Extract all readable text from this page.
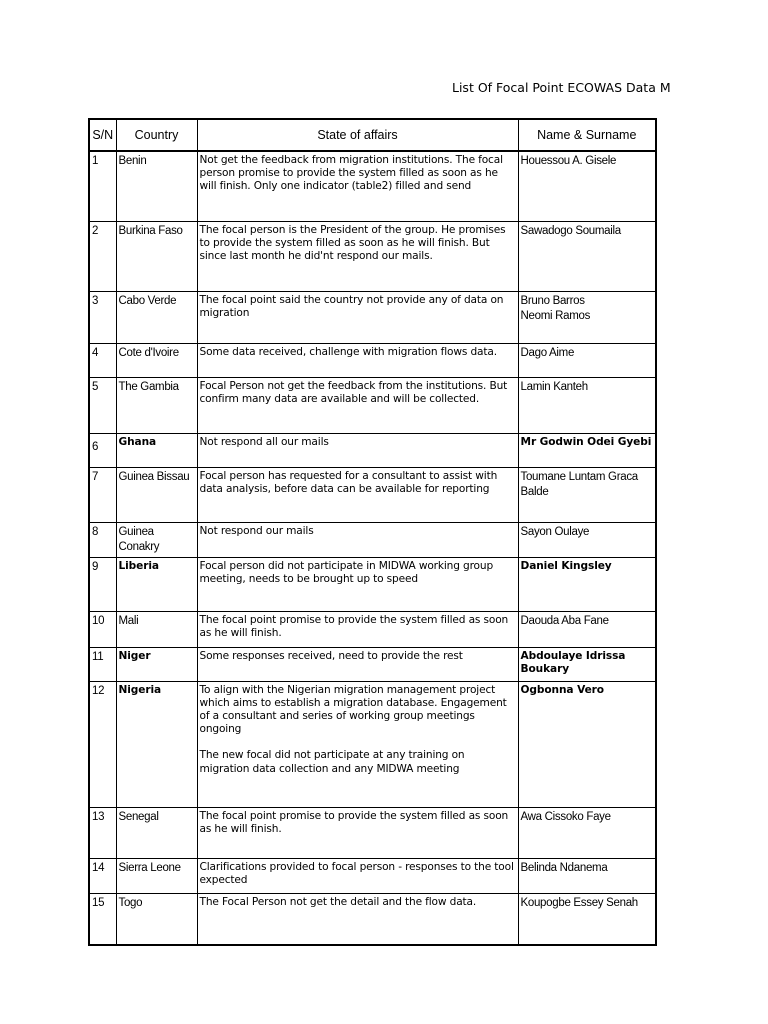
List Of Focal Point ECOWAS Data M
S/N	Country	State of affairs	Name & Surname
1	Benin	Not get the feedback from migration institutions. The focal person promise to provide the system filled as soon as he will finish. Only one indicator (table2) filled and send	Houessou A. Gisele
2	Burkina Faso	The focal person is the President of the group. He promises to provide the system filled as soon as he will finish. But since last month he did'nt respond our mails.	Sawadogo Soumaila
3	Cabo Verde	The focal point said the country not provide any of data on migration	Bruno Barros
Neomi Ramos

4	Cote d'Ivoire	Some data received, challenge with migration flows data.	Dago Aime
5	The Gambia	Focal Person not get the feedback from the institutions. But confirm many data are available and will be collected.	Lamin Kanteh
6	Ghana	Not respond all our mails	Mr Godwin Odei Gyebi
7	Guinea Bissau	Focal person has requested for a consultant to assist with data analysis, before data can be available for reporting	Toumane Luntam Graca Balde
8	Guinea Conakry	Not respond our mails	Sayon Oulaye
9	Liberia	Focal person did not participate in MIDWA working group meeting, needs to be brought up to speed	Daniel Kingsley
10	Mali	The focal point promise to provide the system filled as soon as he will finish.	Daouda Aba Fane
11	Niger	Some responses received, need to provide the rest	Abdoulaye Idrissa Boukary
12	Nigeria	To align with the Nigerian migration management project which aims to establish a migration database. Engagement of a consultant and series of working group meetings ongoing

The new focal did not participate at any training on migration data collection and any MIDWA meeting	Ogbonna Vero
13	Senegal	The focal point promise to provide the system filled as soon as he will finish.	Awa Cissoko Faye
14	Sierra Leone	Clarifications provided to focal person - responses to the tool expected	Belinda Ndanema
15	Togo	The Focal Person not get the detail and the flow data.	Koupogbe Essey Senah
